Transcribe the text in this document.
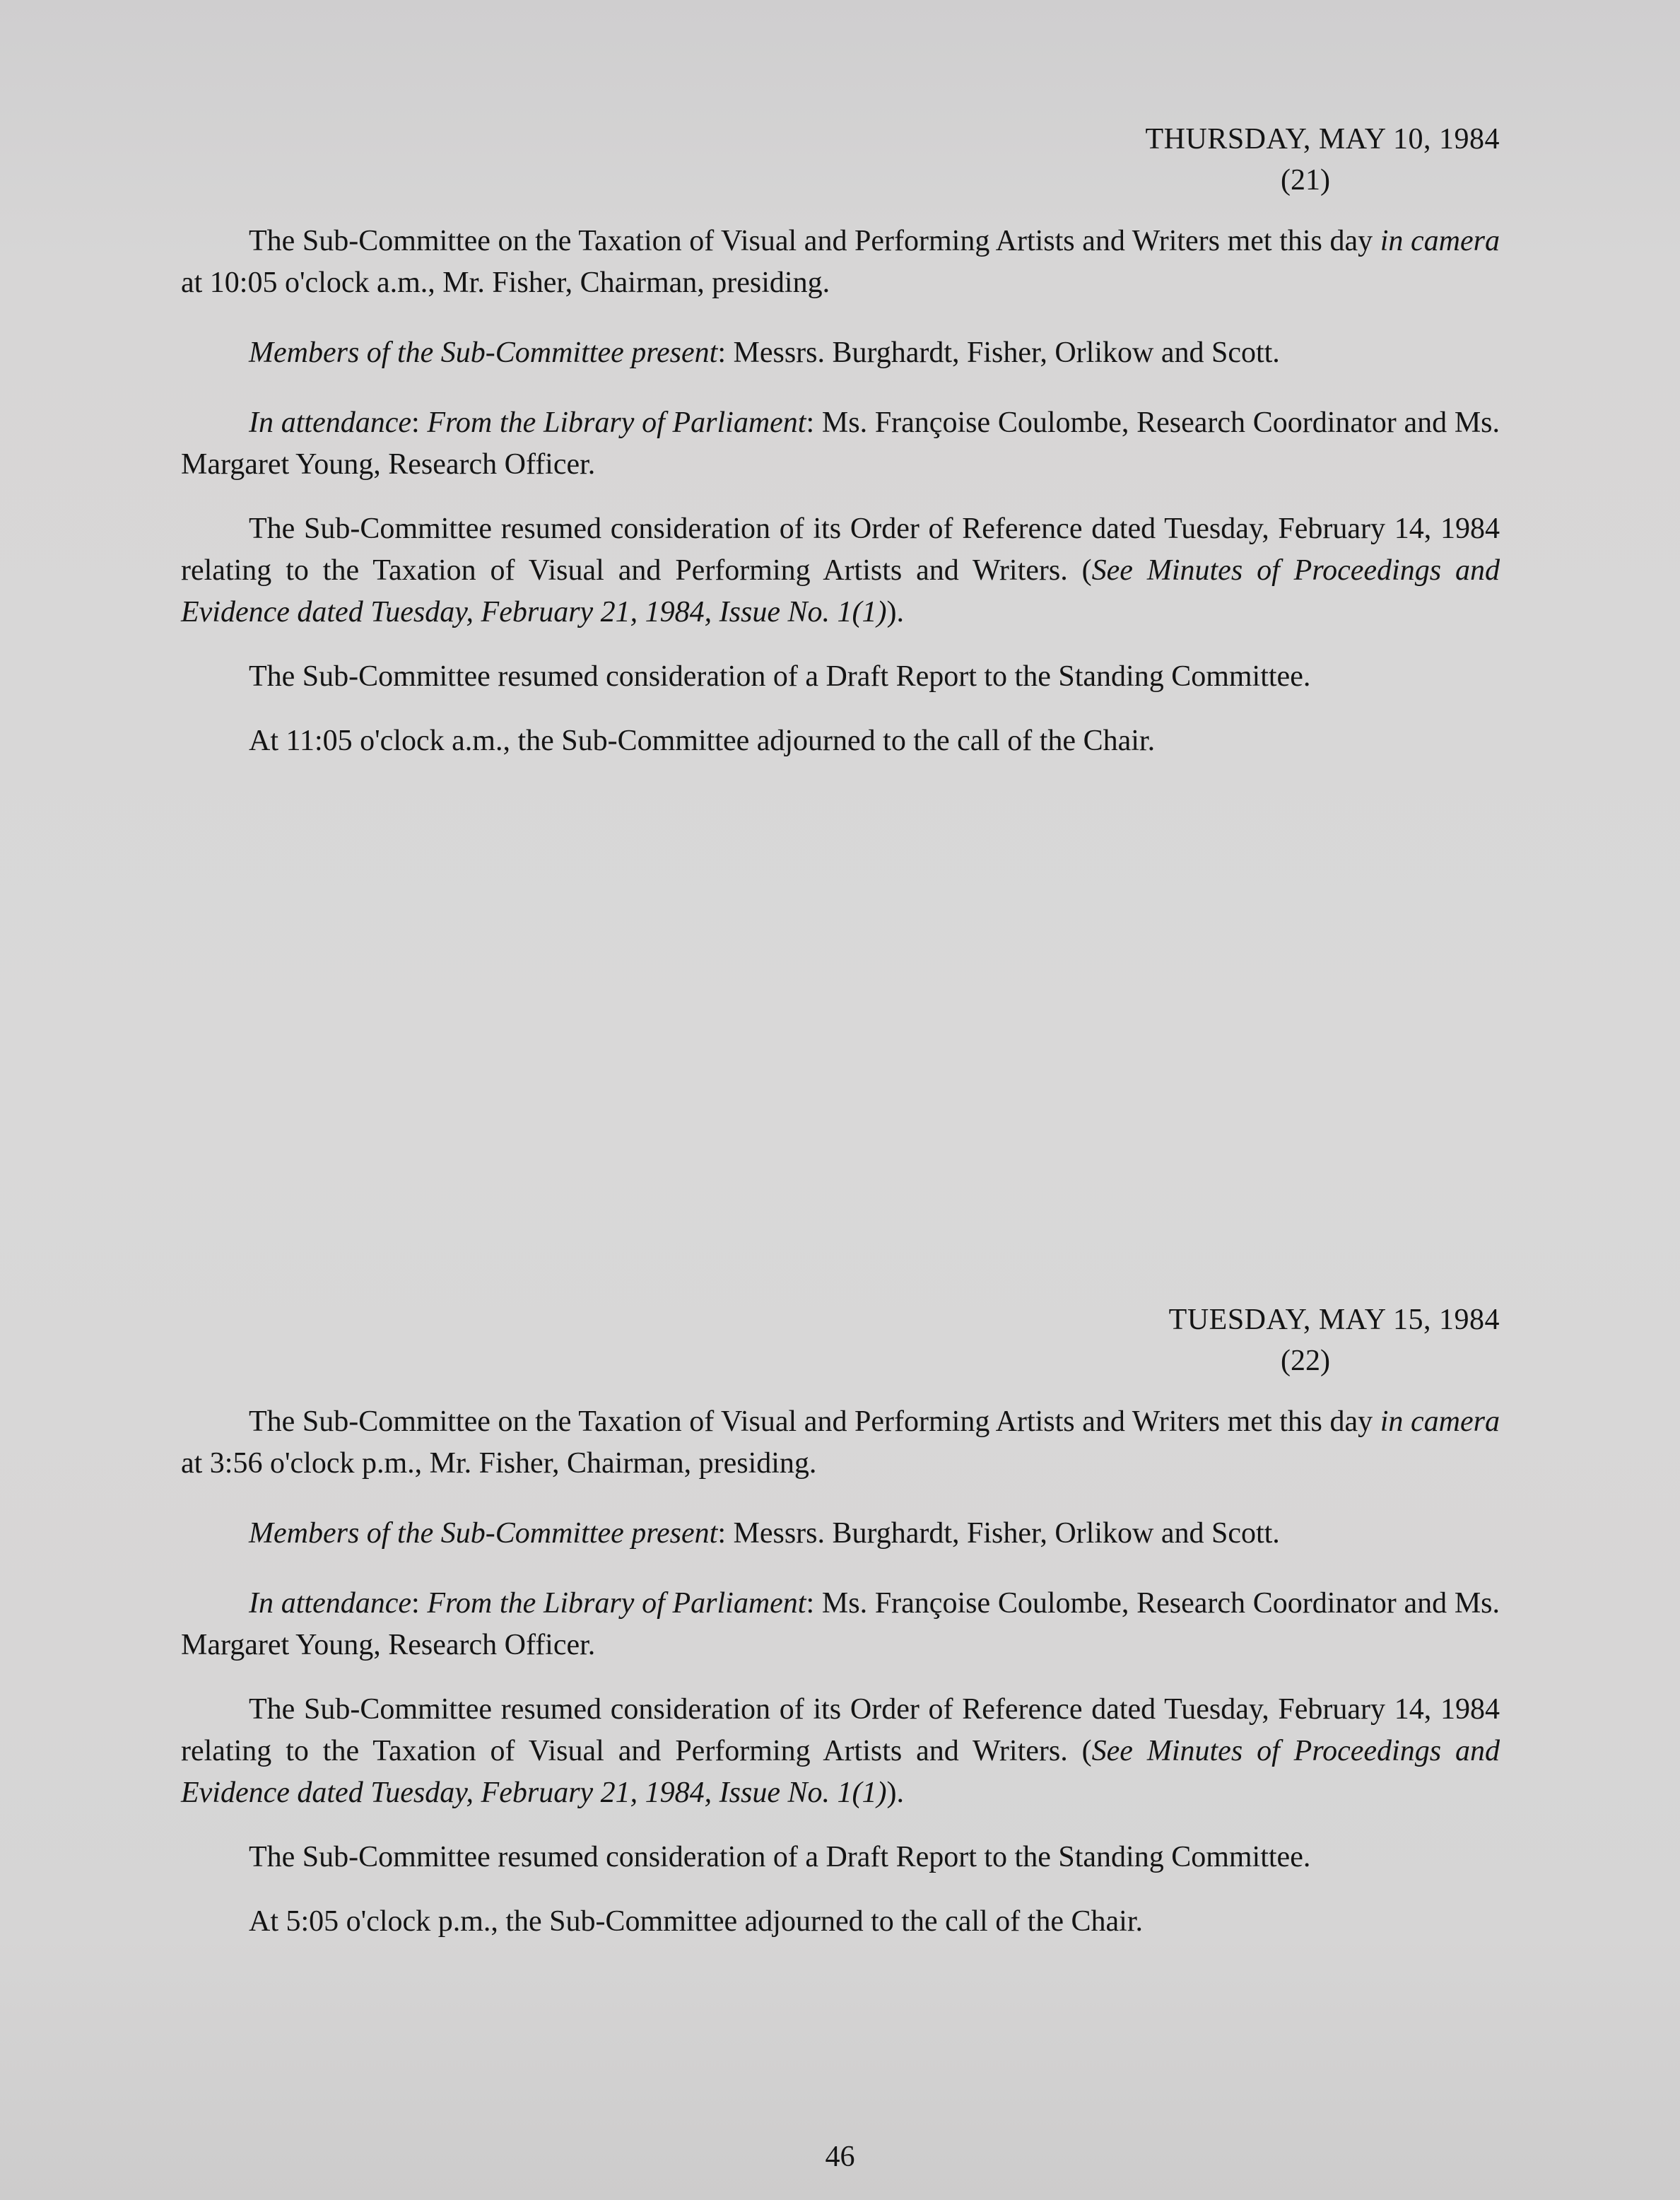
THURSDAY, MAY 10, 1984
(21)

The Sub-Committee on the Taxation of Visual and Performing Artists and Writers met this day in camera at 10:05 o'clock a.m., Mr. Fisher, Chairman, presiding.

Members of the Sub-Committee present: Messrs. Burghardt, Fisher, Orlikow and Scott.

In attendance: From the Library of Parliament: Ms. Françoise Coulombe, Research Coordinator and Ms. Margaret Young, Research Officer.

The Sub-Committee resumed consideration of its Order of Reference dated Tuesday, February 14, 1984 relating to the Taxation of Visual and Performing Artists and Writers. (See Minutes of Proceedings and Evidence dated Tuesday, February 21, 1984, Issue No. 1(1)).

The Sub-Committee resumed consideration of a Draft Report to the Standing Committee.

At 11:05 o'clock a.m., the Sub-Committee adjourned to the call of the Chair.

TUESDAY, MAY 15, 1984
(22)

The Sub-Committee on the Taxation of Visual and Performing Artists and Writers met this day in camera at 3:56 o'clock p.m., Mr. Fisher, Chairman, presiding.

Members of the Sub-Committee present: Messrs. Burghardt, Fisher, Orlikow and Scott.

In attendance: From the Library of Parliament: Ms. Françoise Coulombe, Research Coordinator and Ms. Margaret Young, Research Officer.

The Sub-Committee resumed consideration of its Order of Reference dated Tuesday, February 14, 1984 relating to the Taxation of Visual and Performing Artists and Writers. (See Minutes of Proceedings and Evidence dated Tuesday, February 21, 1984, Issue No. 1(1)).

The Sub-Committee resumed consideration of a Draft Report to the Standing Committee.

At 5:05 o'clock p.m., the Sub-Committee adjourned to the call of the Chair.

46
